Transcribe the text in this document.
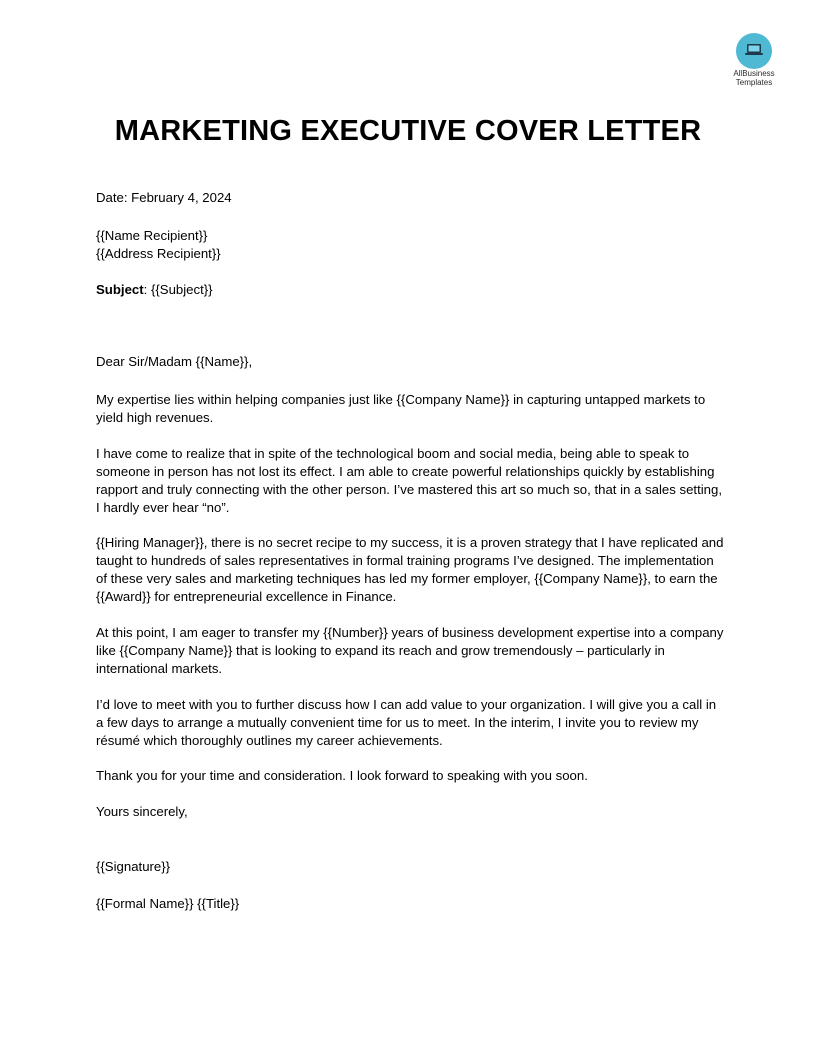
AllBusiness
Templates
MARKETING EXECUTIVE COVER LETTER

Date: February 4, 2024

{{Name Recipient}}
{{Address Recipient}}

Subject: {{Subject}}

Dear Sir/Madam {{Name}},

My expertise lies within helping companies just like {{Company Name}} in capturing untapped markets to yield high revenues.

I have come to realize that in spite of the technological boom and social media, being able to speak to someone in person has not lost its effect. I am able to create powerful relationships quickly by establishing rapport and truly connecting with the other person. I’ve mastered this art so much so, that in a sales setting, I hardly ever hear “no”.

{{Hiring Manager}}, there is no secret recipe to my success, it is a proven strategy that I have replicated and taught to hundreds of sales representatives in formal training programs I’ve designed. The implementation of these very sales and marketing techniques has led my former employer, {{Company Name}}, to earn the {{Award}} for entrepreneurial excellence in Finance.

At this point, I am eager to transfer my {{Number}} years of business development expertise into a company like {{Company Name}} that is looking to expand its reach and grow tremendously – particularly in international markets.

I’d love to meet with you to further discuss how I can add value to your organization. I will give you a call in a few days to arrange a mutually convenient time for us to meet. In the interim, I invite you to review my résumé which thoroughly outlines my career achievements.

Thank you for your time and consideration. I look forward to speaking with you soon.

Yours sincerely,

{{Signature}}

{{Formal Name}} {{Title}}
